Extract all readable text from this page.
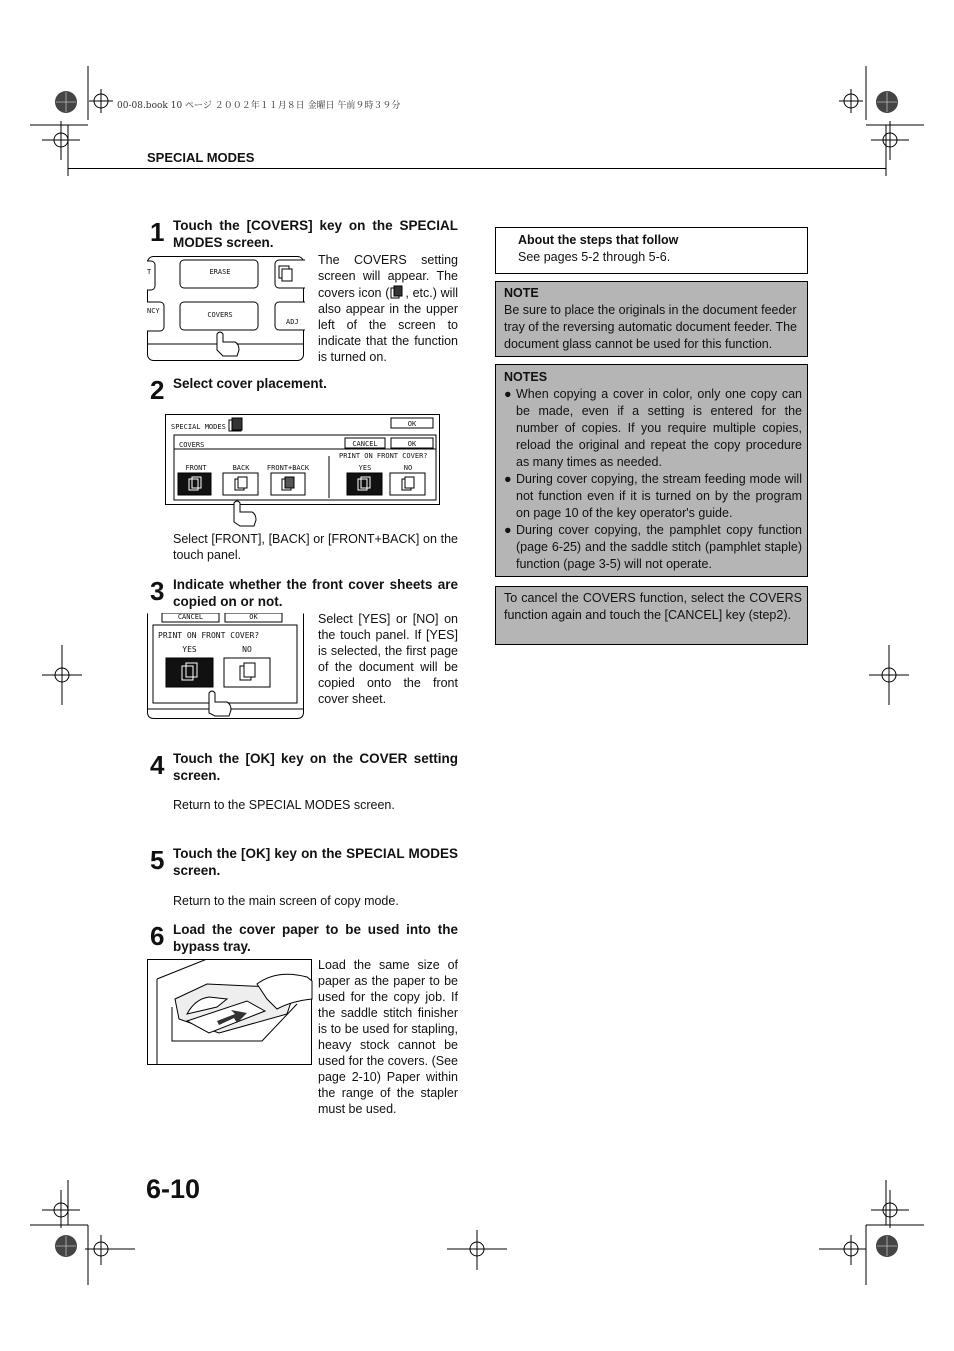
00-08.book 10 ページ ２００２年１１月８日 金曜日 午前９時３９分
SPECIAL MODES
1 Touch the [COVERS] key on the SPECIAL MODES screen.
T	ERASE
NCY	COVERS
ADJ
The COVERS setting screen will appear. The covers icon ( , etc.) will also appear in the upper left of the screen to indicate that the function is turned on.
2 Select cover placement.
SPECIAL MODES	OK
COVERS	CANCEL	OK
PRINT ON FRONT COVER?
FRONT	BACK	FRONT+BACK	YES	NO
Select [FRONT], [BACK] or [FRONT+BACK] on the touch panel.
3 Indicate whether the front cover sheets are copied on or not.
CANCEL	OK
PRINT ON FRONT COVER?
YES	NO
Select [YES] or [NO] on the touch panel. If [YES] is selected, the first page of the document will be copied onto the front cover sheet.
4 Touch the [OK] key on the COVER setting screen.
Return to the SPECIAL MODES screen.
5 Touch the [OK] key on the SPECIAL MODES screen.
Return to the main screen of copy mode.
6 Load the cover paper to be used into the bypass tray.
Load the same size of paper as the paper to be used for the copy job. If the saddle stitch finisher is to be used for stapling, heavy stock cannot be used for the covers. (See page 2-10) Paper within the range of the stapler must be used.
About the steps that follow
See pages 5-2 through 5-6.
NOTE
Be sure to place the originals in the document feeder tray of the reversing automatic document feeder. The document glass cannot be used for this function.
NOTES
● When copying a cover in color, only one copy can be made, even if a setting is entered for the number of copies. If you require multiple copies, reload the original and repeat the copy procedure as many times as needed.
● During cover copying, the stream feeding mode will not function even if it is turned on by the program on page 10 of the key operator's guide.
● During cover copying, the pamphlet copy function (page 6-25) and the saddle stitch (pamphlet staple) function (page 3-5) will not operate.
To cancel the COVERS function, select the COVERS function again and touch the [CANCEL] key (step2).
6-10
